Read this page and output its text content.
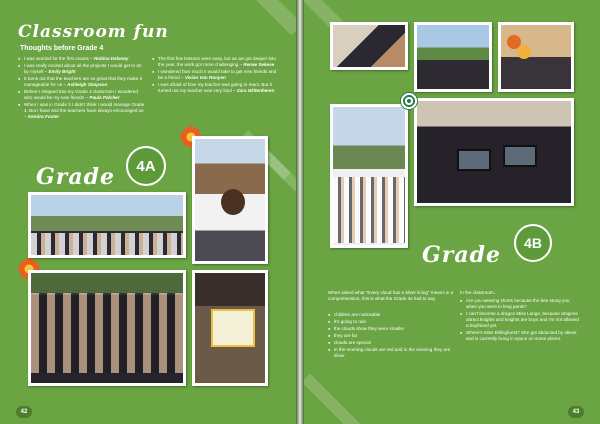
Classroom fun
Thoughts before Grade 4
● I was worried for the first exams – Robina Delaney
● I was really excited about all the projects I would get to do by myself – Emily Bright
● It turns out that the teachers are so great that they make it manageable for us – Ashleigh Simpson
● Before I stepped into my Grade 4 classroom I wondered who would be my new friends – Paula Palcher
● When I was in Grade 3 I didn't think I would manage Grade 4. But I have and the teachers have always encouraged us – Kendra Foster
● The first few lessons were easy, but as we got deeper into the year, the work got more challenging – Renae Sekese
● I wondered how much it would take to get new friends and be a friend – Vivian Van Rooyen
● I was afraid of how my teacher was going to react. But it turned out my teacher was very kind – Zara Wittenheren
Grade	4A
42
Grade	4B
When asked what "Every cloud has a silver lining" means in a comprehension, this is what the Grade 4s had to say.
● children are noticeable
● it's going to rain
● the clouds show they were smaller
● they are fat
● clouds are special
● in the morning clouds are red and in the evening they are silver
In the classroom...
● Are you wearing shorts because the bee stung you when you were in long pants?
● I can't become a dragon Miss Lange, because dragons attract knights and knights are boys and I'm not allowed a boyfriend yet.
● Where's Miss Billinghurst? She got abducted by aliens and is currently living in space on some planet.
43
